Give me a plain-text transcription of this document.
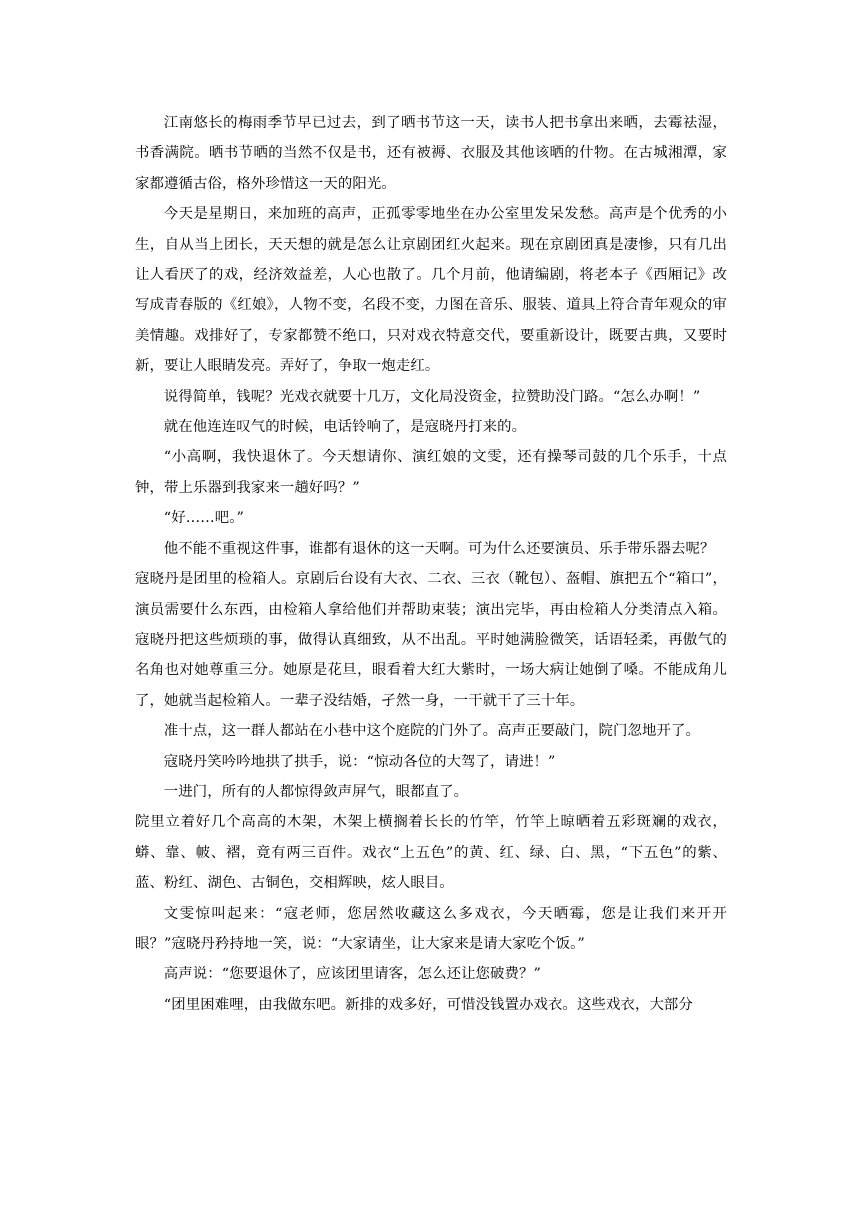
江南悠长的梅雨季节早已过去，到了晒书节这一天，读书人把书拿出来晒，去霉祛湿，书香满院。晒书节晒的当然不仅是书，还有被褥、衣服及其他该晒的什物。在古城湘潭，家家都遵循古俗，格外珍惜这一天的阳光。

今天是星期日，来加班的高声，正孤零零地坐在办公室里发呆发愁。高声是个优秀的小生，自从当上团长，天天想的就是怎么让京剧团红火起来。现在京剧团真是凄惨，只有几出让人看厌了的戏，经济效益差，人心也散了。几个月前，他请编剧，将老本子《西厢记》改写成青春版的《红娘》，人物不变，名段不变，力图在音乐、服装、道具上符合青年观众的审美情趣。戏排好了，专家都赞不绝口，只对戏衣特意交代，要重新设计，既要古典，又要时新，要让人眼睛发亮。弄好了，争取一炮走红。

说得简单，钱呢？光戏衣就要十几万，文化局没资金，拉赞助没门路。“怎么办啊！”

就在他连连叹气的时候，电话铃响了，是寇晓丹打来的。

“小高啊，我快退休了。今天想请你、演红娘的文雯，还有操琴司鼓的几个乐手，十点钟，带上乐器到我家来一趟好吗？”

“好……吧。”

他不能不重视这件事，谁都有退休的这一天啊。可为什么还要演员、乐手带乐器去呢？

寇晓丹是团里的检箱人。京剧后台设有大衣、二衣、三衣（靴包）、盔帽、旗把五个“箱口”，演员需要什么东西，由检箱人拿给他们并帮助束装；演出完毕，再由检箱人分类清点入箱。寇晓丹把这些烦琐的事，做得认真细致，从不出乱。平时她满脸微笑，话语轻柔，再傲气的名角也对她尊重三分。她原是花旦，眼看着大红大紫时，一场大病让她倒了嗓。不能成角儿了，她就当起检箱人。一辈子没结婚，孑然一身，一干就干了三十年。

准十点，这一群人都站在小巷中这个庭院的门外了。高声正要敲门，院门忽地开了。

寇晓丹笑吟吟地拱了拱手，说：“惊动各位的大驾了，请进！”

一进门，所有的人都惊得敛声屏气，眼都直了。

院里立着好几个高高的木架，木架上横搁着长长的竹竿，竹竿上晾晒着五彩斑斓的戏衣，蟒、靠、帔、褶，竟有两三百件。戏衣“上五色”的黄、红、绿、白、黑，“下五色”的紫、蓝、粉红、湖色、古铜色，交相辉映，炫人眼目。

文雯惊叫起来：“寇老师，您居然收藏这么多戏衣，今天晒霉，您是让我们来开开眼？”寇晓丹矜持地一笑，说：“大家请坐，让大家来是请大家吃个饭。”

高声说：“您要退休了，应该团里请客，怎么还让您破费？”

“团里困难哩，由我做东吧。新排的戏多好，可惜没钱置办戏衣。这些戏衣，大部分
